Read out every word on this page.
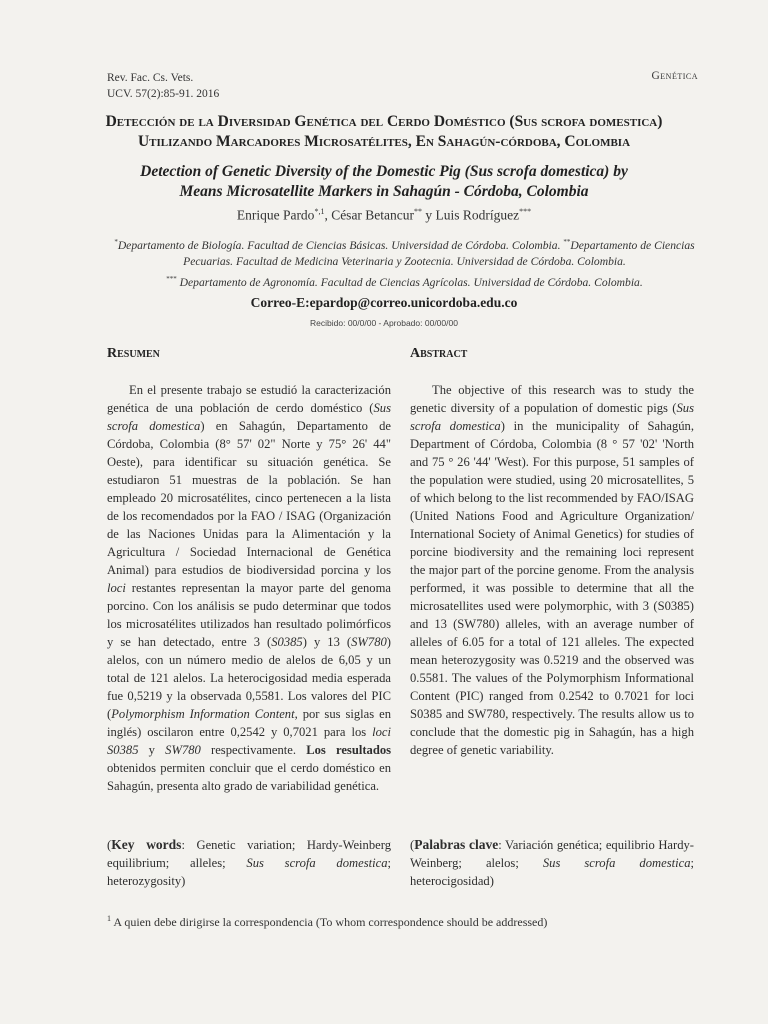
Rev. Fac. Cs. Vets.
UCV. 57(2):85-91. 2016
Genética
Detección de la Diversidad Genética del Cerdo Doméstico (Sus scrofa domestica)
Utilizando Marcadores Microsatélites, En Sahagún-córdoba, Colombia
Detection of Genetic Diversity of the Domestic Pig (Sus scrofa domestica) by
Means Microsatellite Markers in Sahagún - Córdoba, Colombia
Enrique Pardo$^{*,1}$, César Betancur** y Luis Rodríguez***
*Departamento de Biología. Facultad de Ciencias Básicas. Universidad de Córdoba. Colombia. **Departamento de Ciencias Pecuarias. Facultad de Medicina Veterinaria y Zootecnia. Universidad de Córdoba. Colombia.
*** Departamento de Agronomía. Facultad de Ciencias Agrícolas. Universidad de Córdoba. Colombia.
Correo-E:epardop@correo.unicordoba.edu.co
Recibido: 00/0/00 - Aprobado: 00/00/00
Resumen	Abstract

En el presente trabajo se estudió la caracterización genética de una población de cerdo doméstico (Sus scrofa domestica) en Sahagún, Departamento de Córdoba, Colombia (8° 57' 02" Norte y 75° 26' 44" Oeste), para identificar su situación genética. Se estudiaron 51 muestras de la población. Se han empleado 20 microsatélites, cinco pertenecen a la lista de los recomendados por la FAO / ISAG (Organización de las Naciones Unidas para la Alimentación y la Agricultura / Sociedad Internacional de Genética Animal) para estudios de biodiversidad porcina y los loci restantes representan la mayor parte del genoma porcino. Con los análisis se pudo determinar que todos los microsatélites utilizados han resultado polimórficos y se han detectado, entre 3 (S0385) y 13 (SW780) alelos, con un número medio de alelos de 6,05 y un total de 121 alelos. La heterocigosidad media esperada fue 0,5219 y la observada 0,5581. Los valores del PIC (Polymorphism Information Content, por sus siglas en inglés) oscilaron entre 0,2542 y 0,7021 para los loci S0385 y SW780 respectivamente. Los resultados obtenidos permiten concluir que el cerdo doméstico en Sahagún, presenta alto grado de variabilidad genética.

The objective of this research was to study the genetic diversity of a population of domestic pigs (Sus scrofa domestica) in the municipality of Sahagún, Department of Córdoba, Colombia (8 ° 57 '02' 'North and 75 ° 26 '44' 'West). For this purpose, 51 samples of the population were studied, using 20 microsatellites, 5 of which belong to the list recommended by FAO/ISAG (United Nations Food and Agriculture Organization/ International Society of Animal Genetics) for studies of porcine biodiversity and the remaining loci represent the major part of the porcine genome. From the analysis performed, it was possible to determine that all the microsatellites used were polymorphic, with 3 (S0385) and 13 (SW780) alleles, with an average number of alleles of 6.05 for a total of 121 alleles. The expected mean heterozygosity was 0.5219 and the observed was 0.5581. The values of the Polymorphism Informational Content (PIC) ranged from 0.2542 to 0.7021 for loci S0385 and SW780, respectively. The results allow us to conclude that the domestic pig in Sahagún, has a high degree of genetic variability.

(Key words: Genetic variation; Hardy-Weinberg equilibrium; alleles; Sus scrofa domestica; heterozygosity)

(Palabras clave: Variación genética; equilibrio Hardy-Weinberg; alelos; Sus scrofa domestica; heterocigosidad)

$^1$ A quien debe dirigirse la correspondencia (To whom correspondence should be addressed)
